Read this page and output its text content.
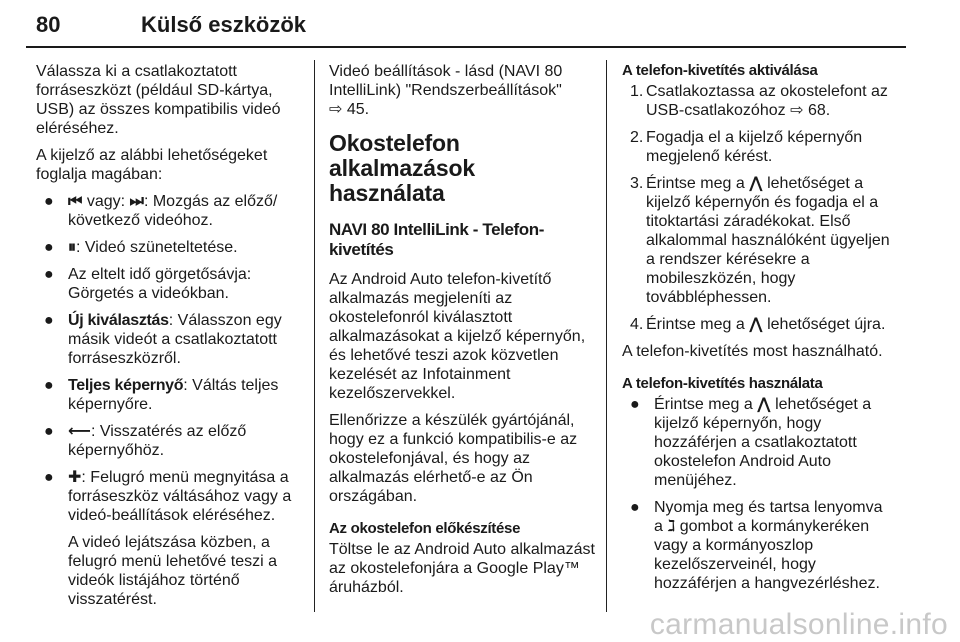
80	Külső eszközök

Válassza ki a csatlakoztatott forráseszközt (például SD-kártya, USB) az összes kompatibilis videó eléréséhez.

A kijelző az alábbi lehetőségeket foglalja magában:

● ⏮ vagy: ⏭: Mozgás az előző/ következő videóhoz.
● ⏸: Videó szüneteltetése.
● Az eltelt idő görgetősávja: Görgetés a videókban.
● Új kiválasztás: Válasszon egy másik videót a csatlakoztatott forráseszközről.
● Teljes képernyő: Váltás teljes képernyőre.
● ⟵: Visszatérés az előző képernyőhöz.
● ✚: Felugró menü megnyitása a forráseszköz váltásához vagy a videó-beállítások eléréséhez.

A videó lejátszása közben, a felugró menü lehetővé teszi a videók listájához történő visszatérést.

Videó beállítások - lásd (NAVI 80 IntelliLink) "Rendszerbeállítások"
⇨ 45.

Okostelefon alkalmazások használata
NAVI 80 IntelliLink - Telefon-kivetítés

Az Android Auto telefon-kivetítő alkalmazás megjeleníti az okostelefonról kiválasztott alkalmazásokat a kijelző képernyőn, és lehetővé teszi azok közvetlen kezelését az Infotainment kezelőszervekkel.

Ellenőrizze a készülék gyártójánál, hogy ez a funkció kompatibilis-e az okostelefonjával, és hogy az alkalmazás elérhető-e az Ön országában.

Az okostelefon előkészítése

Töltse le az Android Auto alkalmazást az okostelefonjára a Google Play™ áruházból.

A telefon-kivetítés aktiválása
1. Csatlakoztassa az okostelefont az USB-csatlakozóhoz ⇨ 68.
2. Fogadja el a kijelző képernyőn megjelenő kérést.
3. Érintse meg a ⋀ lehetőséget a kijelző képernyőn és fogadja el a titoktartási záradékokat. Első alkalommal használóként ügyeljen a rendszer kérésekre a mobileszközén, hogy továbbléphessen.
4. Érintse meg a ⋀ lehetőséget újra.

A telefon-kivetítés most használható.

A telefon-kivetítés használata
● Érintse meg a ⋀ lehetőséget a kijelző képernyőn, hogy hozzáférjen a csatlakoztatott okostelefon Android Auto menüjéhez.
● Nyomja meg és tartsa lenyomva a ℷ gombot a kormánykeréken vagy a kormányoszlop kezelőszerveinél, hogy hozzáférjen a hangvezérléshez.
carmanualsonline.info
